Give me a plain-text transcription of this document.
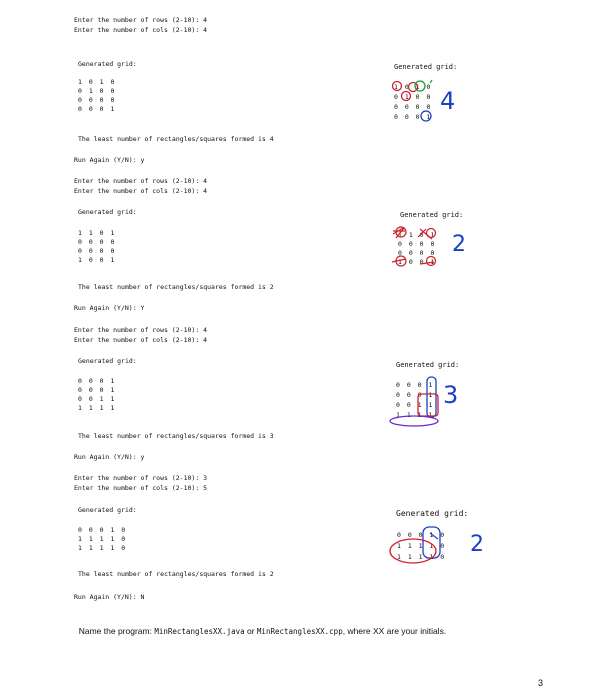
Enter the number of rows (2-10): 4
Enter the number of cols (2-10): 4
Generated grid:
1 0 1 0
0 1 0 0
0 0 0 0
0 0 0 1
The least number of rectangles/squares formed is 4
Run Again (Y/N): y
Enter the number of rows (2-10): 4
Enter the number of cols (2-10): 4
Generated grid:
1 1 0 1
0 0 0 0
0 0 0 0
1 0 0 1
The least number of rectangles/squares formed is 2
Run Again (Y/N): Y
Enter the number of rows (2-10): 4
Enter the number of cols (2-10): 4
Generated grid:
0 0 0 1
0 0 0 1
0 0 1 1
1 1 1 1
The least number of rectangles/squares formed is 3
Run Again (Y/N): y
Enter the number of rows (2-10): 3
Enter the number of cols (2-10): 5
Generated grid:
0 0 0 1 0
1 1 1 1 0
1 1 1 1 0
The least number of rectangles/squares formed is 2
Run Again (Y/N): N
Generated grid:
1 0 1 0
0 1 0 0
0 0 0 0
0 0 0 1
Generated grid:
1 1 0 1
0 0 0 0
0 0 0 0
1 0 0 1
Generated grid:
0 0 0 1
0 0 0 1
0 0 1 1
1 1 1 1
Generated grid:
0 0 0 1 0
1 1 1 1 0
1 1 1 1 0
4
2
3
2

Name the program: MinRectanglesXX.java or MinRectanglesXX.cpp, where XX are your initials.

3
